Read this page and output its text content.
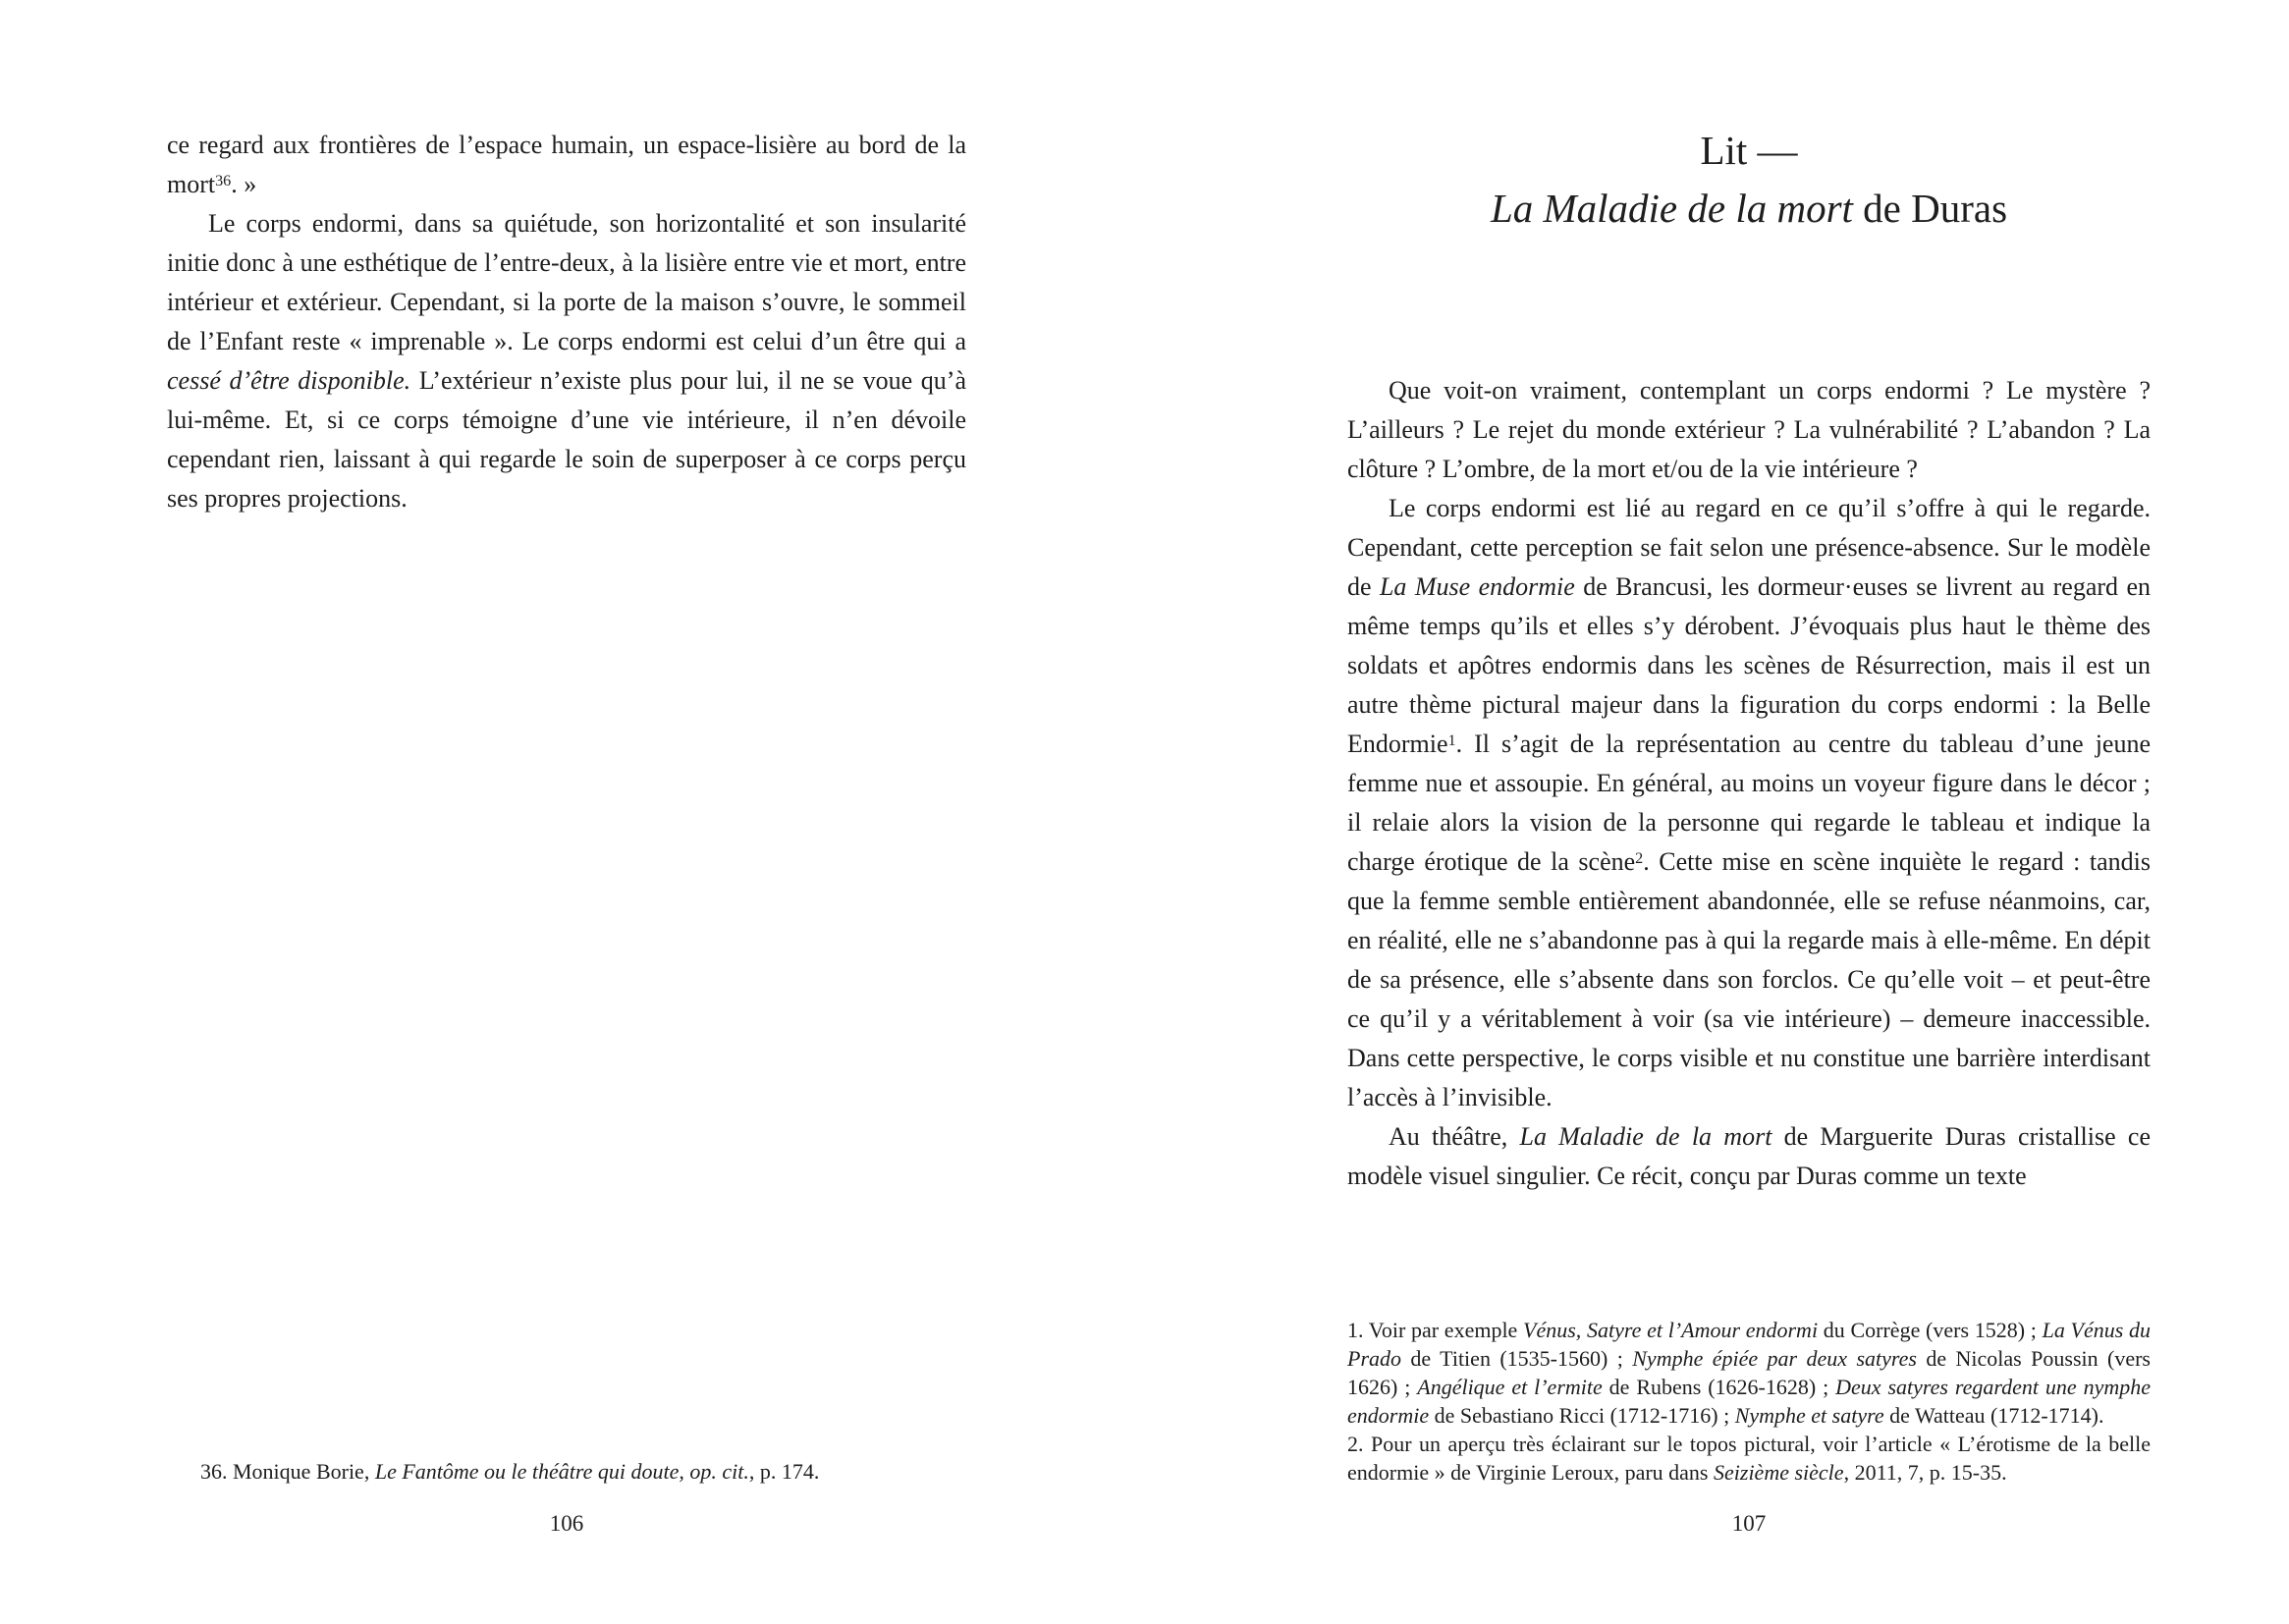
ce regard aux frontières de l’espace humain, un espace-lisière au bord de la mort$^{36}$. »

Le corps endormi, dans sa quiétude, son horizontalité et son insularité initie donc à une esthétique de l’entre-deux, à la lisière entre vie et mort, entre intérieur et extérieur. Cependant, si la porte de la maison s’ouvre, le sommeil de l’Enfant reste « imprenable ». Le corps endormi est celui d’un être qui a cessé d’être disponible. L’extérieur n’existe plus pour lui, il ne se voue qu’à lui-même. Et, si ce corps témoigne d’une vie intérieure, il n’en dévoile cependant rien, laissant à qui regarde le soin de superposer à ce corps perçu ses propres projections.

36. Monique Borie, Le Fantôme ou le théâtre qui doute, op. cit., p. 174.

106
Lit —
La Maladie de la mort de Duras

Que voit-on vraiment, contemplant un corps endormi ? Le mystère ? L’ailleurs ? Le rejet du monde extérieur ? La vulnérabilité ? L’abandon ? La clôture ? L’ombre, de la mort et/ou de la vie intérieure ?

Le corps endormi est lié au regard en ce qu’il s’offre à qui le regarde. Cependant, cette perception se fait selon une présence-absence. Sur le modèle de La Muse endormie de Brancusi, les dormeur·euses se livrent au regard en même temps qu’ils et elles s’y dérobent. J’évoquais plus haut le thème des soldats et apôtres endormis dans les scènes de Résurrection, mais il est un autre thème pictural majeur dans la figuration du corps endormi : la Belle Endormie$^1$. Il s’agit de la représentation au centre du tableau d’une jeune femme nue et assoupie. En général, au moins un voyeur figure dans le décor ; il relaie alors la vision de la personne qui regarde le tableau et indique la charge érotique de la scène$^2$. Cette mise en scène inquiète le regard : tandis que la femme semble entièrement abandonnée, elle se refuse néanmoins, car, en réalité, elle ne s’abandonne pas à qui la regarde mais à elle-même. En dépit de sa présence, elle s’absente dans son forclos. Ce qu’elle voit – et peut-être ce qu’il y a véritablement à voir (sa vie intérieure) – demeure inaccessible. Dans cette perspective, le corps visible et nu constitue une barrière interdisant l’accès à l’invisible.

Au théâtre, La Maladie de la mort de Marguerite Duras cristallise ce modèle visuel singulier. Ce récit, conçu par Duras comme un texte

1. Voir par exemple Vénus, Satyre et l’Amour endormi du Corrège (vers 1528) ; La Vénus du Prado de Titien (1535-1560) ; Nymphe épiée par deux satyres de Nicolas Poussin (vers 1626) ; Angélique et l’ermite de Rubens (1626-1628) ; Deux satyres regardent une nymphe endormie de Sebastiano Ricci (1712-1716) ; Nymphe et satyre de Watteau (1712-1714).

2. Pour un aperçu très éclairant sur le topos pictural, voir l’article « L’érotisme de la belle endormie » de Virginie Leroux, paru dans Seizième siècle, 2011, 7, p. 15-35.

107
